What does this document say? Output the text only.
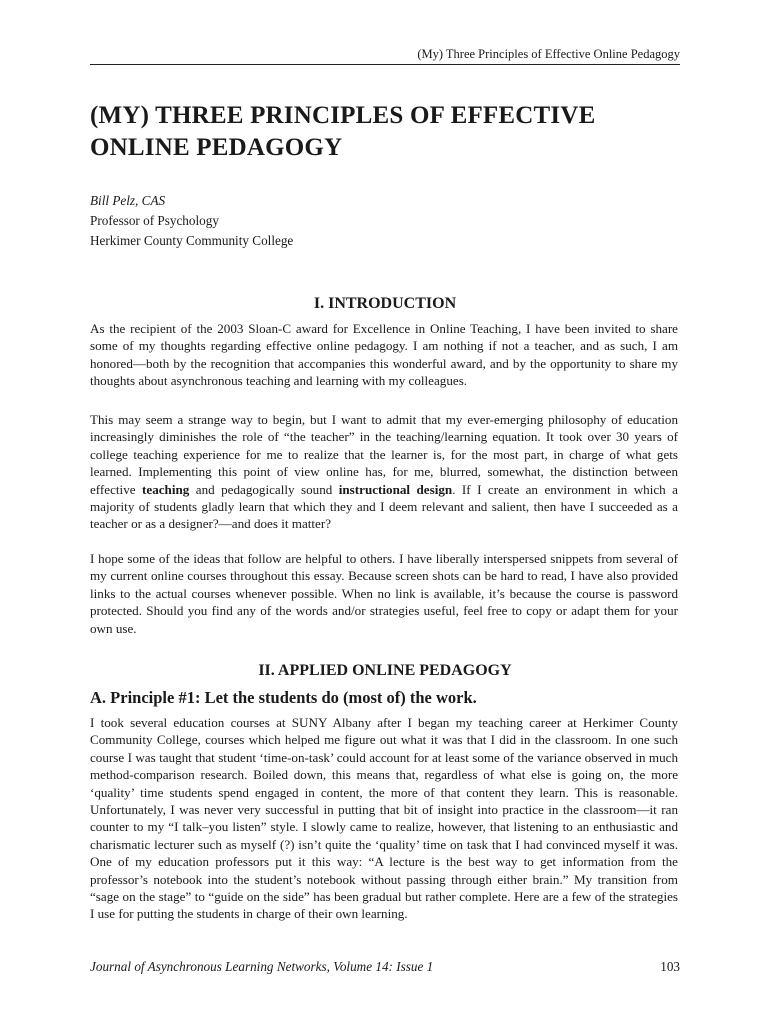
(My) Three Principles of Effective Online Pedagogy
(MY) THREE PRINCIPLES OF EFFECTIVE
ONLINE PEDAGOGY
Bill Pelz, CAS
Professor of Psychology
Herkimer County Community College
I. INTRODUCTION
As the recipient of the 2003 Sloan-C award for Excellence in Online Teaching, I have been invited to share some of my thoughts regarding effective online pedagogy. I am nothing if not a teacher, and as such, I am honored—both by the recognition that accompanies this wonderful award, and by the opportunity to share my thoughts about asynchronous teaching and learning with my colleagues.
This may seem a strange way to begin, but I want to admit that my ever-emerging philosophy of education increasingly diminishes the role of “the teacher” in the teaching/learning equation. It took over 30 years of college teaching experience for me to realize that the learner is, for the most part, in charge of what gets learned. Implementing this point of view online has, for me, blurred, somewhat, the distinction between effective teaching and pedagogically sound instructional design. If I create an environment in which a majority of students gladly learn that which they and I deem relevant and salient, then have I succeeded as a teacher or as a designer?—and does it matter?
I hope some of the ideas that follow are helpful to others. I have liberally interspersed snippets from several of my current online courses throughout this essay. Because screen shots can be hard to read, I have also provided links to the actual courses whenever possible. When no link is available, it’s because the course is password protected. Should you find any of the words and/or strategies useful, feel free to copy or adapt them for your own use.
II. APPLIED ONLINE PEDAGOGY
A. Principle #1: Let the students do (most of) the work.
I took several education courses at SUNY Albany after I began my teaching career at Herkimer County Community College, courses which helped me figure out what it was that I did in the classroom. In one such course I was taught that student ‘time-on-task’ could account for at least some of the variance observed in much method-comparison research. Boiled down, this means that, regardless of what else is going on, the more ‘quality’ time students spend engaged in content, the more of that content they learn. This is reasonable. Unfortunately, I was never very successful in putting that bit of insight into practice in the classroom—it ran counter to my “I talk–you listen” style. I slowly came to realize, however, that listening to an enthusiastic and charismatic lecturer such as myself (?) isn’t quite the ‘quality’ time on task that I had convinced myself it was. One of my education professors put it this way: “A lecture is the best way to get information from the professor’s notebook into the student’s notebook without passing through either brain.” My transition from “sage on the stage” to “guide on the side” has been gradual but rather complete. Here are a few of the strategies I use for putting the students in charge of their own learning.
Journal of Asynchronous Learning Networks, Volume 14: Issue 1	103
